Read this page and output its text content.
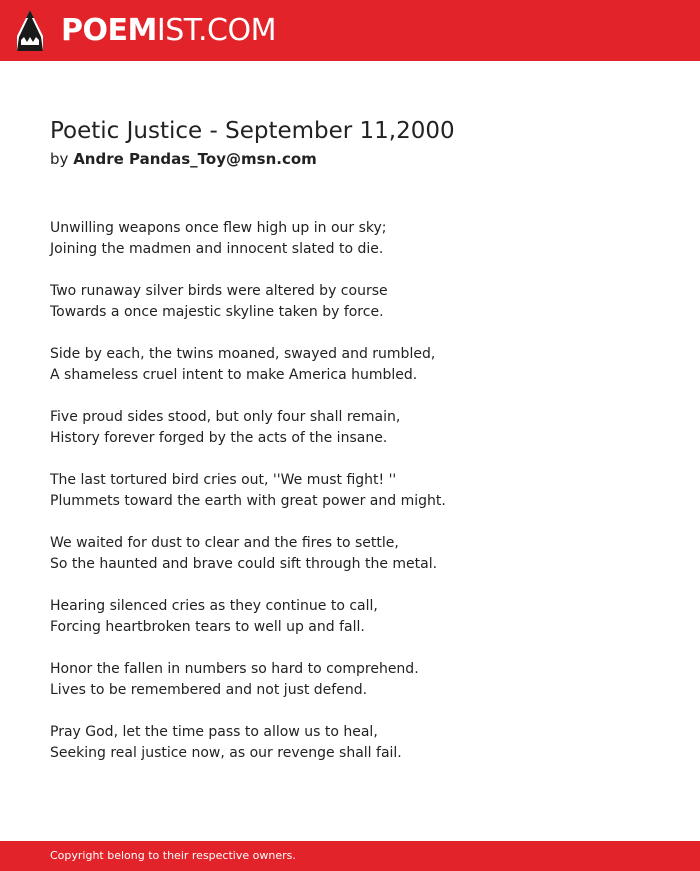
POEMIST.COM
Poetic Justice - September 11,2000
by Andre Pandas_Toy@msn.com
Unwilling weapons once flew high up in our sky;
Joining the madmen and innocent slated to die.
Two runaway silver birds were altered by course
Towards a once majestic skyline taken by force.
Side by each, the twins moaned, swayed and rumbled,
A shameless cruel intent to make America humbled.
Five proud sides stood, but only four shall remain,
History forever forged by the acts of the insane.
The last tortured bird cries out, ''We must fight! ''
Plummets toward the earth with great power and might.
We waited for dust to clear and the fires to settle,
So the haunted and brave could sift through the metal.
Hearing silenced cries as they continue to call,
Forcing heartbroken tears to well up and fall.
Honor the fallen in numbers so hard to comprehend.
Lives to be remembered and not just defend.
Pray God, let the time pass to allow us to heal,
Seeking real justice now, as our revenge shall fail.
Copyright belong to their respective owners.
